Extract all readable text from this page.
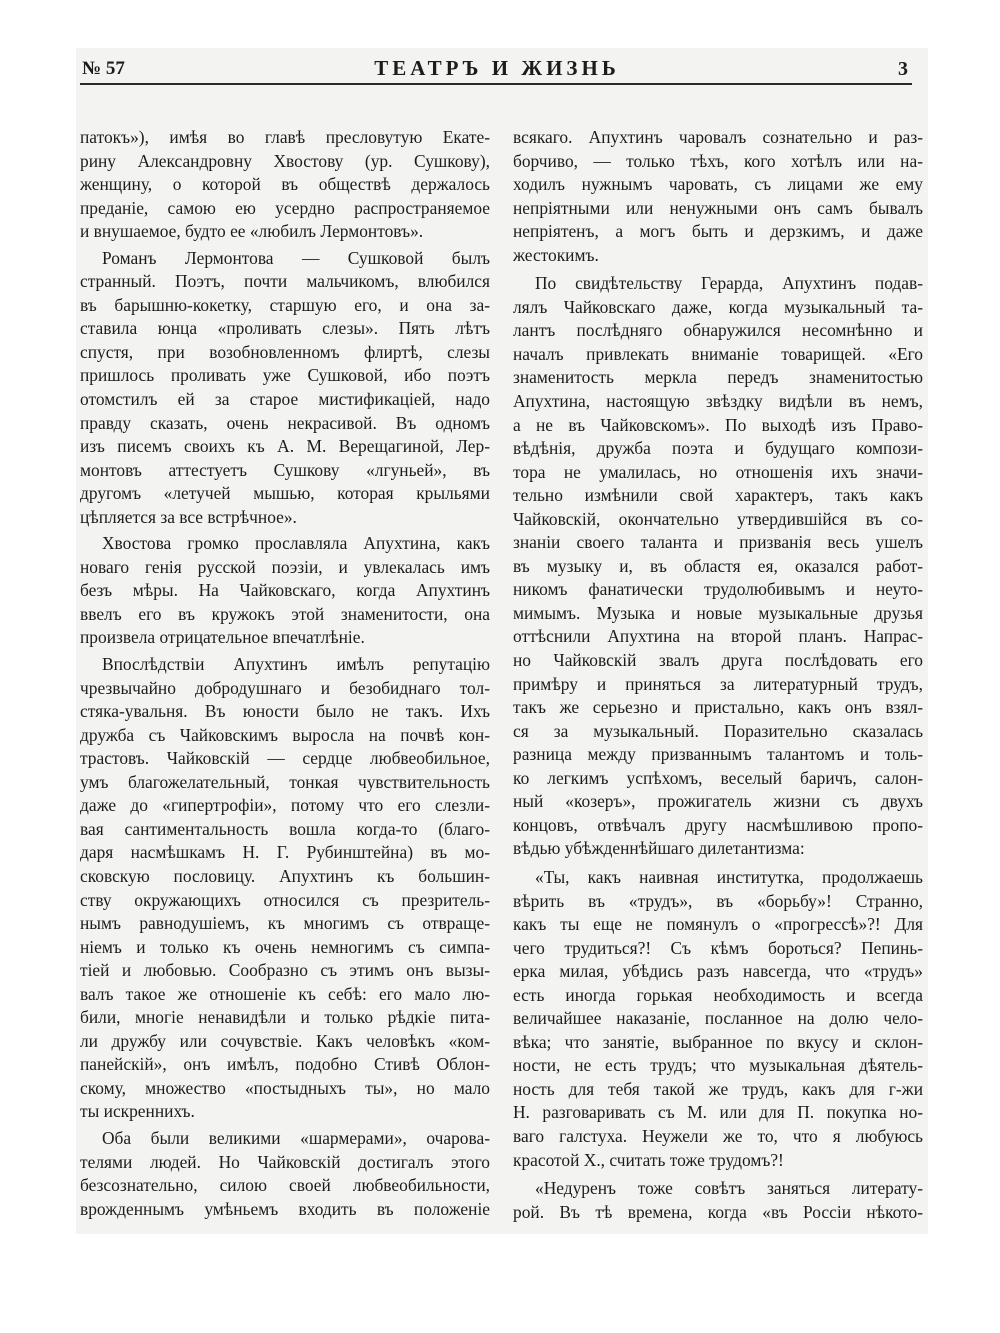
№ 57	ТЕАТРЪ И ЖИЗНЬ	3
патокъ»), имѣя во главѣ пресловутую Екате-
рину Александровну Хвостову (ур. Сушкову),
женщину, о которой въ обществѣ держалось
преданіе, самою ею усердно распространяемое
и внушаемое, будто ее «любилъ Лермонтовъ».
Романъ Лермонтова — Сушковой былъ
странный. Поэтъ, почти мальчикомъ, влюбился
въ барышню-кокетку, старшую его, и она за-
ставила юнца «проливать слезы». Пять лѣтъ
спустя, при возобновленномъ флиртѣ, слезы
пришлось проливать уже Сушковой, ибо поэтъ
отомстилъ ей за старое мистификаціей, надо
правду сказать, очень некрасивой. Въ одномъ
изъ писемъ своихъ къ А. М. Верещагиной, Лер-
монтовъ аттестуетъ Сушкову «лгуньей», въ
другомъ «летучей мышью, которая крыльями
цѣпляется за все встрѣчное».
Хвостова громко прославляла Апухтина, какъ
новаго генія русской поэзіи, и увлекалась имъ
безъ мѣры. На Чайковскаго, когда Апухтинъ
ввелъ его въ кружокъ этой знаменитости, она
произвела отрицательное впечатлѣніе.
Впослѣдствіи Апухтинъ имѣлъ репутацію
чрезвычайно добродушнаго и безобиднаго тол-
стяка-увальня. Въ юности было не такъ. Ихъ
дружба съ Чайковскимъ выросла на почвѣ кон-
трастовъ. Чайковскій — сердце любвеобильное,
умъ благожелательный, тонкая чувствительность
даже до «гипертрофіи», потому что его слезли-
вая сантиментальность вошла когда-то (благо-
даря насмѣшкамъ Н. Г. Рубинштейна) въ мо-
сковскую пословицу. Апухтинъ къ большин-
ству окружающихъ относился съ презритель-
нымъ равнодушіемъ, къ многимъ съ отвраще-
ніемъ и только къ очень немногимъ съ симпа-
тіей и любовью. Сообразно съ этимъ онъ вызы-
валъ такое же отношеніе къ себѣ: его мало лю-
били, многіе ненавидѣли и только рѣдкіе пита-
ли дружбу или сочувствіе. Какъ человѣкъ «ком-
панейскій», онъ имѣлъ, подобно Стивѣ Облон-
скому, множество «постыдныхъ ты», но мало
ты искреннихъ.
Оба были великими «шармерами», очарова-
телями людей. Но Чайковскій достигалъ этого
безсознательно, силою своей любвеобильности,
врожденнымъ умѣньемъ входить въ положеніе
всякаго. Апухтинъ чаровалъ сознательно и раз-
борчиво, — только тѣхъ, кого хотѣлъ или на-
ходилъ нужнымъ чаровать, съ лицами же ему
непріятными или ненужными онъ самъ бывалъ
непріятенъ, а могъ быть и дерзкимъ, и даже
жестокимъ.
По свидѣтельству Герарда, Апухтинъ подав-
лялъ Чайковскаго даже, когда музыкальный та-
лантъ послѣдняго обнаружился несомнѣнно и
началъ привлекать вниманіе товарищей. «Его
знаменитость меркла передъ знаменитостью
Апухтина, настоящую звѣздку видѣли въ немъ,
а не въ Чайковскомъ». По выходѣ изъ Право-
вѣдѣнія, дружба поэта и будущаго компози-
тора не умалилась, но отношенія ихъ значи-
тельно измѣнили свой характеръ, такъ какъ
Чайковскій, окончательно утвердившійся въ со-
знаніи своего таланта и призванія весь ушелъ
въ музыку и, въ областя ея, оказался работ-
никомъ фанатически трудолюбивымъ и неуто-
мимымъ. Музыка и новые музыкальные друзья
оттѣснили Апухтина на второй планъ. Напрас-
но Чайковскій звалъ друга послѣдовать его
примѣру и приняться за литературный трудъ,
такъ же серьезно и пристально, какъ онъ взял-
ся за музыкальный. Поразительно сказалась
разница между призваннымъ талантомъ и толь-
ко легкимъ успѣхомъ, веселый баричъ, салон-
ный «козеръ», прожигатель жизни съ двухъ
концовъ, отвѣчалъ другу насмѣшливою пропо-
вѣдью убѣжденнѣйшаго дилетантизма:
«Ты, какъ наивная институтка, продолжаешь
вѣрить въ «трудъ», въ «борьбу»! Странно,
какъ ты еще не помянулъ о «прогрессѣ»?! Для
чего трудиться?! Съ кѣмъ бороться? Пепинь-
ерка милая, убѣдись разъ навсегда, что «трудъ»
есть иногда горькая необходимость и всегда
величайшее наказаніе, посланное на долю чело-
вѣка; что занятіе, выбранное по вкусу и склон-
ности, не есть трудъ; что музыкальная дѣятель-
ность для тебя такой же трудъ, какъ для г-жи
Н. разговаривать съ М. или для П. покупка но-
ваго галстуха. Неужели же то, что я любуюсь
красотой Х., считать тоже трудомъ?!
«Недуренъ тоже совѣтъ заняться литерату-
рой. Въ тѣ времена, когда «въ Россіи нѣкото-
